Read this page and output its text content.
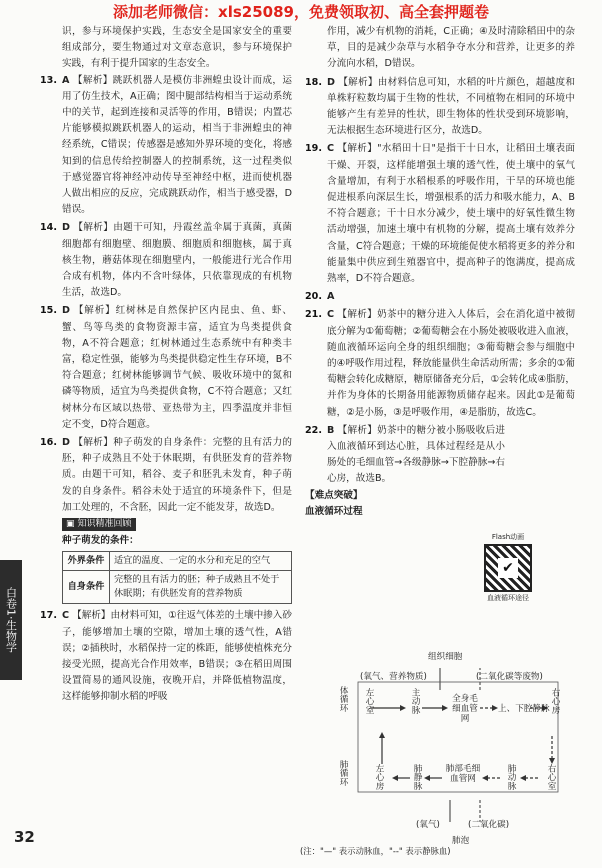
添加老师微信：xls25089，免费领取初、高全套押题卷

识，参与环境保护实践，生态安全是国家安全的重要组成部分，要生物通过对文章态意识，参与环境保护实践，有利于提升国家的生态安全。

13. A 【解析】跳跃机器人是模仿非洲蝗虫设计而成，运用了仿生技术，A正确；图中腿部结构相当于运动系统中的关节，起到连接和灵活等的作用，B错误；内置芯片能够模拟跳跃机器人的运动，相当于非洲蝗虫的神经系统，C错误；传感器是感知外界环境的变化，将感知到的信息传给控制器人的控制系统，这一过程类似于感觉器官将神经冲动传导至神经中枢，进而使机器人做出相应的反应，完成跳跃动作，相当于感受器，D错误。

14. D 【解析】由题干可知，丹霞丝盖伞属于真菌，真菌细胞都有细胞壁、细胞膜、细胞质和细胞核，属于真核生物，蘑菇体现在细胞壁内，一般能进行光合作用合成有机物，体内不含叶绿体，只依靠现成的有机物生活，故选D。

15. D 【解析】红树林是自然保护区内昆虫、鱼、虾、蟹、鸟等鸟类的食物资源丰富，适宜为鸟类提供食物，A不符合题意；红树林通过生态系统中有种类丰富，稳定性强，能够为鸟类提供稳定性生存环境，B不符合题意；红树林能够调节气候、吸收环境中的氮和磷等物质，适宜为鸟类提供食物，C不符合题意；又红树林分布区域以热带、亚热带为主，四季温度并非恒定不变，D符合题意。

16. D 【解析】种子萌发的自身条件：完整的且有活力的胚，种子成熟且不处于休眠期，有供胚发育的营养物质。由题干可知，稻谷、麦子和胚乳未发育，种子萌发的自身条件。稻谷未处于适宜的环境条件下，但是加工处理的，不含胚，因此一定不能发芽，故选D。

▣ 知识精准回顾
种子萌发的条件：
外界条件	适宜的温度、一定的水分和充足的空气
自身条件	完整的且有活力的胚；种子成熟且不处于休眠期；有供胚发育的营养物质
17. C 【解析】由材料可知，①往返气体差的土壤中掺入砂子，能够增加土壤的空隙，增加土壤的透气性，A错误；②插秧时，水稻保持一定的株距，能够使植株充分接受光照，提高光合作用效率，B错误；③在稻田周围设置简易的通风设施，夜晚开启，并降低植物温度，这样能够抑制水稻的呼吸

作用，减少有机物的消耗，C正确；④及时清除稻田中的杂草，目的是减少杂草与水稻争夺水分和营养，让更多的养分流向水稻，D错误。

18. D 【解析】由材料信息可知，水稻的叶片颜色，超越度和单株籽粒数均属于生物的性状，不同植物在相同的环境中能够产生有差异的性状，即生物体的性状受到环境影响，无法根据生态环境进行区分，故选D。

19. C 【解析】"水稻田十日"是指干十日水，让稻田土壤表面干燥、开裂，这样能增强土壤的透气性，使土壤中的氧气含量增加，有利于水稻根系的呼吸作用，干旱的环境也能促进根系向深层生长，增强根系的活力和吸水能力，A、B不符合题意；干十日水分减少，使土壤中的好氧性微生物活动增强，加速土壤中有机物的分解，提高土壤有效养分含量，C符合题意；干燥的环境能促使水稻将更多的养分和能量集中供应到生殖器官中，提高种子的饱满度，提高成熟率，D不符合题意。

20. A

21. C 【解析】奶茶中的糖分进入人体后，会在消化道中被彻底分解为①葡萄糖；②葡萄糖会在小肠处被吸收进入血液，随血液循环运向全身的组织细胞；③葡萄糖会参与细胞中的④呼吸作用过程，释放能量供生命活动所需；多余的①葡萄糖会转化成糖原，糖原储备充分后，①会转化成④脂肪，并作为身体的长期备用能源物质储存起来。因此①是葡萄糖，②是小肠，③是呼吸作用，④是脂肪，故选C。

22. B 【解析】奶茶中的糖分被小肠吸收后进入血液循环到达心脏，具体过程经是从小肠处的毛细血管→各级静脉→下腔静脉→右心房，故选B。

【难点突破】
血液循环过程
Flash动画
✔
血液循环途径
组织细胞
(氧气、营养物质)	(二氧化碳等废物)
体循环 左心室	主动脉	全身毛细血管网
上、下腔静脉 右心房
肺循环	左心房	肺静脉	肺部毛细血管网	肺动脉	右心室
(氧气)	(二氧化碳)
肺泡
(注："—" 表示动脉血，"--" 表示静脉血)
白卷1·生物学
32
